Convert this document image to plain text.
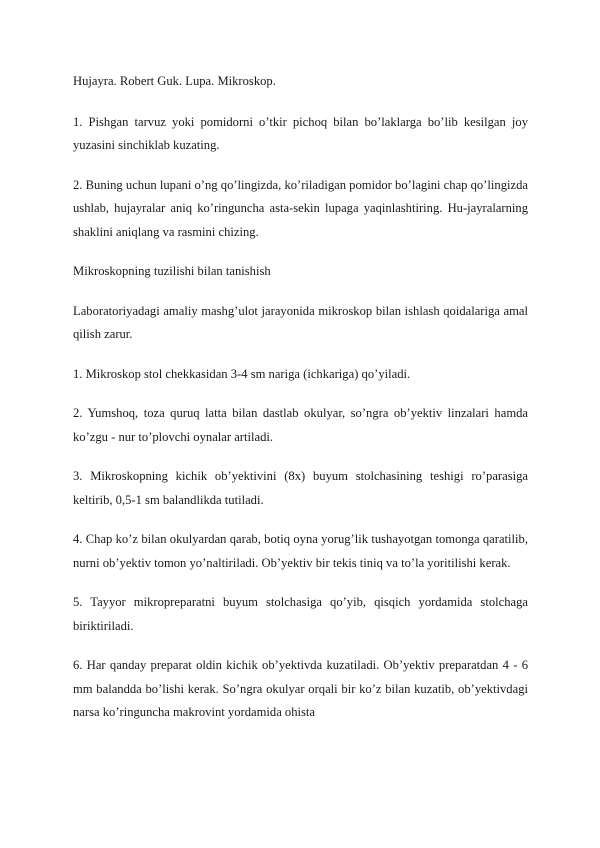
Hujayra. Robert Guk. Lupa. Mikroskop.

1. Pishgan tarvuz yoki pomidorni o’tkir pichoq bilan bo’laklarga bo’lib kesilgan joy yuzasini sinchiklab kuzating.

2. Buning uchun lupani o’ng qo’lingizda, ko’riladigan pomidor bo’lagini chap qo’lingizda ushlab, hujayralar aniq ko’ringuncha asta-sekin lupaga yaqinlashtiring. Hu-jayralarning shaklini aniqlang va rasmini chizing.

Mikroskopning tuzilishi bilan tanishish

Laboratoriyadagi amaliy mashg’ulot jarayonida mikroskop bilan ishlash qoidalariga amal qilish zarur.

1. Mikroskop stol chekkasidan 3-4 sm nariga (ichkariga) qo’yiladi.

2. Yumshoq, toza quruq latta bilan dastlab okulyar, so’ngra ob’yektiv linzalari hamda ko’zgu - nur to’plovchi oynalar artiladi.

3. Mikroskopning kichik ob’yektivini (8x) buyum stolchasining teshigi ro’parasiga keltirib, 0,5-1 sm balandlikda tutiladi.

4. Chap ko’z bilan okulyardan qarab, botiq oyna yorug’lik tushayotgan tomonga qaratilib, nurni ob’yektiv tomon yo’naltiriladi. Ob’yektiv bir tekis tiniq va to’la yoritilishi kerak.

5. Tayyor mikropreparatni buyum stolchasiga qo’yib, qisqich yordamida stolchaga biriktiriladi.

6. Har qanday preparat oldin kichik ob’yektivda kuzatiladi. Ob’yektiv preparatdan 4 - 6 mm balandda bo’lishi kerak. So’ngra okulyar orqali bir ko’z bilan kuzatib, ob’yektivdagi narsa ko’ringuncha makrovint yordamida ohista
